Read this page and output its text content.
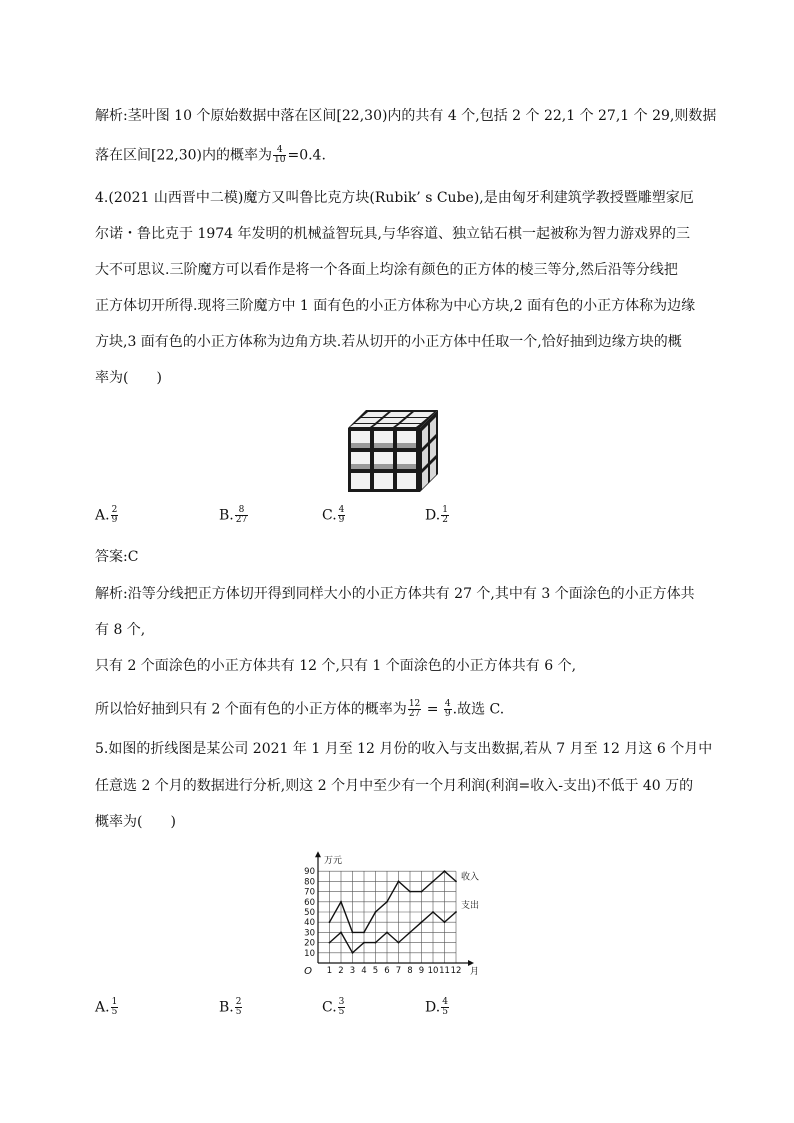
解析:茎叶图 10 个原始数据中落在区间[22,30)内的共有 4 个,包括 2 个 22,1 个 27,1 个 29,则数据
落在区间[22,30)内的概率为 $\frac{4}{10} =0.4$.
4.(2021 山西晋中二模)魔方又叫鲁比克方块(Rubik’ s Cube),是由匈牙利建筑学教授暨雕塑家厄
尔诺・鲁比克于 1974 年发明的机械益智玩具,与华容道、独立钻石棋一起被称为智力游戏界的三
大不可思议.三阶魔方可以看作是将一个各面上均涂有颜色的正方体的棱三等分,然后沿等分线把
正方体切开所得.现将三阶魔方中 1 面有色的小正方体称为中心方块,2 面有色的小正方体称为边缘
方块,3 面有色的小正方体称为边角方块.若从切开的小正方体中任取一个,恰好抽到边缘方块的概
率为(　　)
A. $\frac{2}{9}$	B. $\frac{8}{27}$	C. $\frac{4}{9}$	D. $\frac{1}{2}$
答案:C
解析:沿等分线把正方体切开得到同样大小的小正方体共有 27 个,其中有 3 个面涂色的小正方体共
有 8 个,
只有 2 个面涂色的小正方体共有 12 个,只有 1 个面涂色的小正方体共有 6 个,
所以恰好抽到只有 2 个面有色的小正方体的概率为 $\frac{12}{27} = \frac{4}{9}$ .故选 C.
5.如图的折线图是某公司 2021 年 1 月至 12 月份的收入与支出数据,若从 7 月至 12 月这 6 个月中
任意选 2 个月的数据进行分析,则这 2 个月中至少有一个月利润(利润=收入-支出)不低于 40 万的
概率为(　　)
1 2 3 4 5 6 7 8 9 10 11 12
10
20
30
40
50
60
70
80
90
O
万元
月
收入
支出
A. $\frac{1}{5}$	B. $\frac{2}{5}$	C. $\frac{3}{5}$	D. $\frac{4}{5}$
